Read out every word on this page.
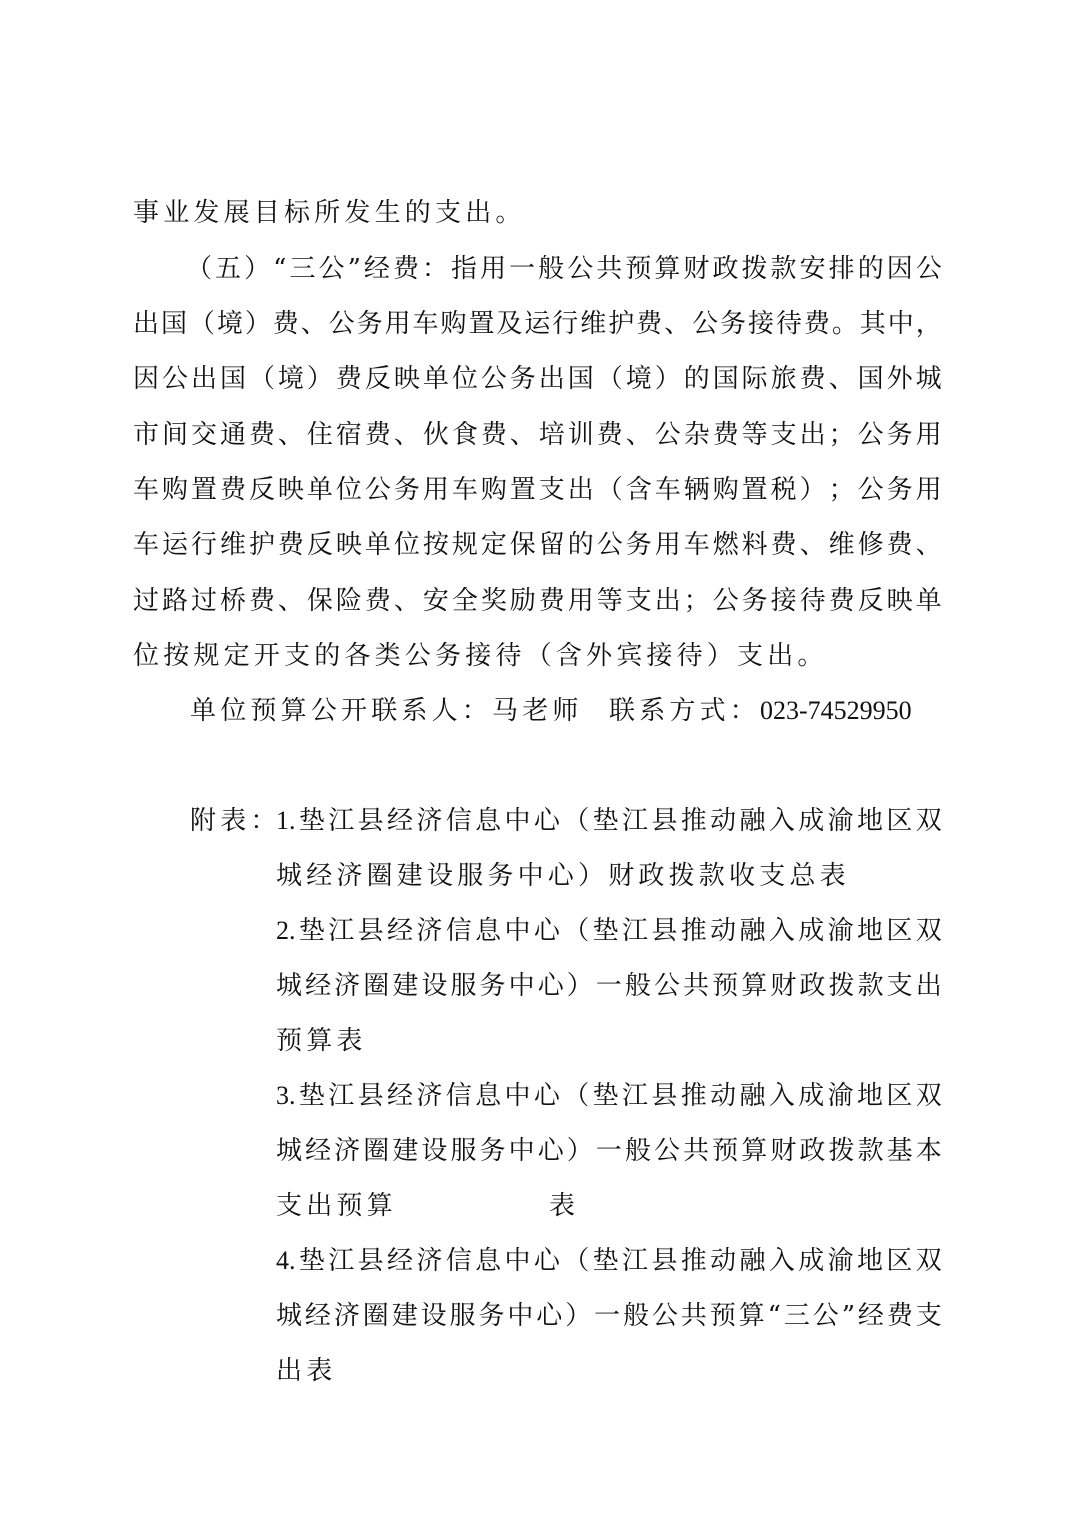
事业发展目标所发生的支出。
（ 五 ） “ 三 公 ” 经 费 ： 指 用 一 般 公 共 预 算 财 政 拨 款 安 排 的 因 公
出 国 （ 境 ） 费 、 公 务 用 车 购 置 及 运 行 维 护 费 、 公 务 接 待 费 。 其 中 ，
因 公 出 国 （ 境 ） 费 反 映 单 位 公 务 出 国 （ 境 ） 的 国 际 旅 费 、 国 外 城
市 间 交 通 费 、 住 宿 费 、 伙 食 费 、 培 训 费 、 公 杂 费 等 支 出 ； 公 务 用
车 购 置 费 反 映 单 位 公 务 用 车 购 置 支 出 （ 含 车 辆 购 置 税 ） ； 公 务 用
车 运 行 维 护 费 反 映 单 位 按 规 定 保 留 的 公 务 用 车 燃 料 费 、 维 修 费 、
过 路 过 桥 费 、 保 险 费 、 安 全 奖 励 费 用 等 支 出 ； 公 务 接 待 费 反 映 单
位按规定开支的各类公务接待（含外宾接待）支出。
单位预算公开联系人：马老师 联系方式：023-74529950
附表：
1. 垫 江 县 经 济 信 息 中 心 （ 垫 江 县 推 动 融 入 成 渝 地 区 双
城经济圈建设服务中心）财政拨款收支总表
2. 垫 江 县 经 济 信 息 中 心 （ 垫 江 县 推 动 融 入 成 渝 地 区 双
城 经 济 圈 建 设 服 务 中 心 ） 一 般 公 共 预 算 财 政 拨 款 支 出
预算表
3. 垫 江 县 经 济 信 息 中 心 （ 垫 江 县 推 动 融 入 成 渝 地 区 双
城 经 济 圈 建 设 服 务 中 心 ） 一 般 公 共 预 算 财 政 拨 款 基 本
支出预算	表
4. 垫 江 县 经 济 信 息 中 心 （ 垫 江 县 推 动 融 入 成 渝 地 区 双
城 经 济 圈 建 设 服 务 中 心 ） 一 般 公 共 预 算 “ 三 公 ” 经 费 支
出表
